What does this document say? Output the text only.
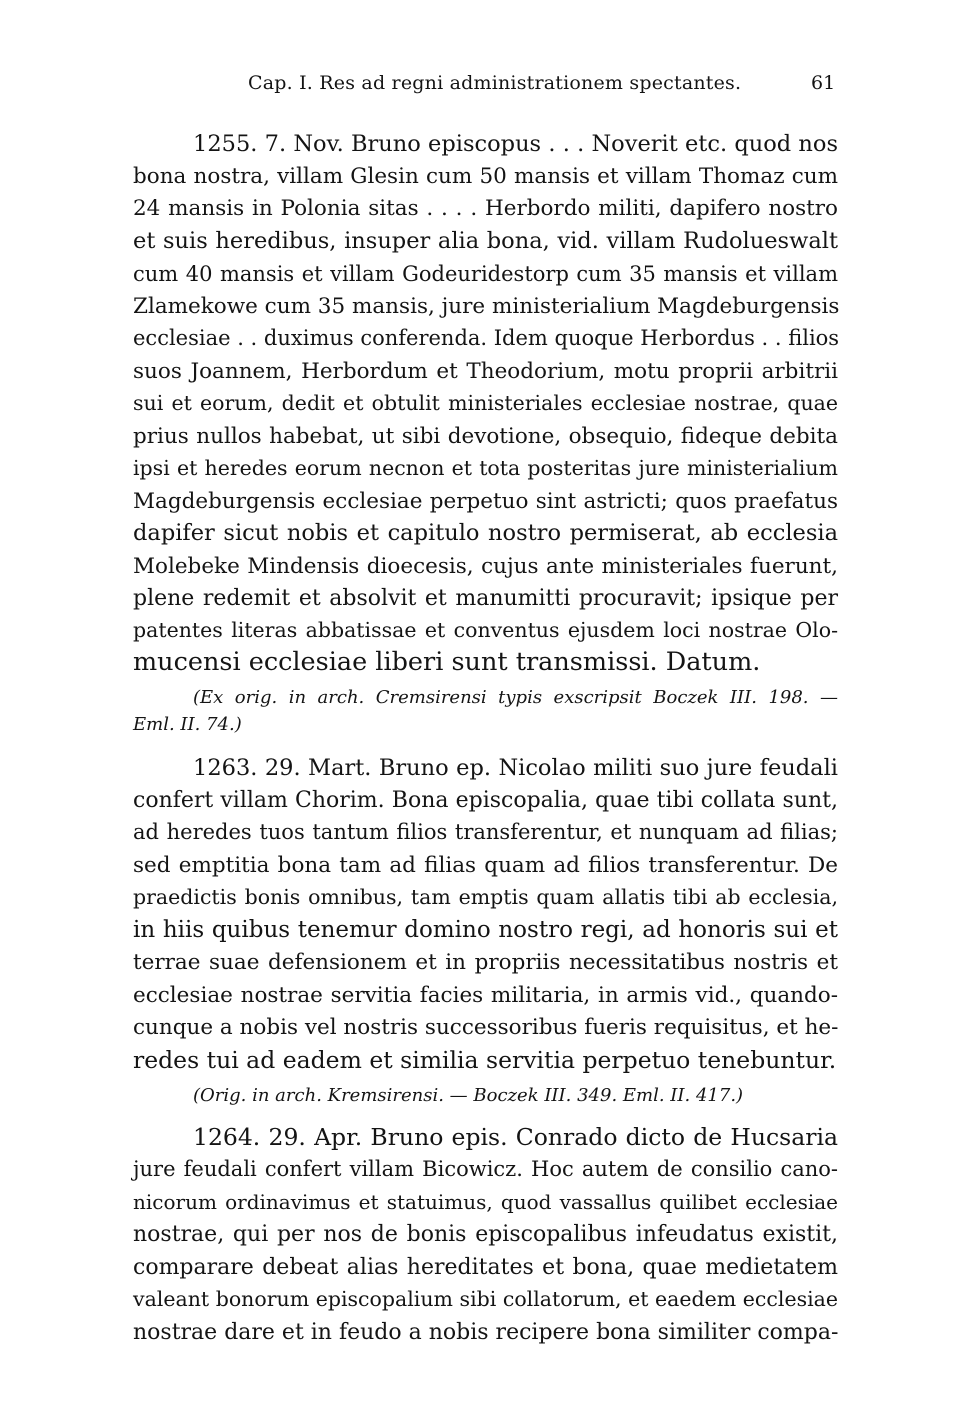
Cap. I. Res ad regni administrationem spectantes.	61
1255. 7. Nov. Bruno episcopus . . . Noverit etc. quod nos
bona nostra, villam Glesin cum 50 mansis et villam Thomaz cum
24 mansis in Polonia sitas . . . . Herbordo militi, dapifero nostro
et suis heredibus, insuper alia bona, vid. villam Rudolueswalt
cum 40 mansis et villam Godeuridestorp cum 35 mansis et villam
Zlamekowe cum 35 mansis, jure ministerialium Magdeburgensis
ecclesiae . . duximus conferenda. Idem quoque Herbordus . . filios
suos Joannem, Herbordum et Theodorium, motu proprii arbitrii
sui et eorum, dedit et obtulit ministeriales ecclesiae nostrae, quae
prius nullos habebat, ut sibi devotione, obsequio, fideque debita
ipsi et heredes eorum necnon et tota posteritas jure ministerialium
Magdeburgensis ecclesiae perpetuo sint astricti; quos praefatus
dapifer sicut nobis et capitulo nostro permiserat, ab ecclesia
Molebeke Mindensis dioecesis, cujus ante ministeriales fuerunt,
plene redemit et absolvit et manumitti procuravit; ipsique per
patentes literas abbatissae et conventus ejusdem loci nostrae Olo-
mucensi ecclesiae liberi sunt transmissi. Datum.
(Ex orig. in arch. Cremsirensi typis exscripsit Boczek III. 198. —
Eml. II. 74.)
1263. 29. Mart. Bruno ep. Nicolao militi suo jure feudali
confert villam Chorim. Bona episcopalia, quae tibi collata sunt,
ad heredes tuos tantum filios transferentur, et nunquam ad filias;
sed emptitia bona tam ad filias quam ad filios transferentur. De
praedictis bonis omnibus, tam emptis quam allatis tibi ab ecclesia,
in hiis quibus tenemur domino nostro regi, ad honoris sui et
terrae suae defensionem et in propriis necessitatibus nostris et
ecclesiae nostrae servitia facies militaria, in armis vid., quando-
cunque a nobis vel nostris successoribus fueris requisitus, et he-
redes tui ad eadem et similia servitia perpetuo tenebuntur.
(Orig. in arch. Kremsirensi. — Boczek III. 349. Eml. II. 417.)
1264. 29. Apr. Bruno epis. Conrado dicto de Hucsaria
jure feudali confert villam Bicowicz. Hoc autem de consilio cano-
nicorum ordinavimus et statuimus, quod vassallus quilibet ecclesiae
nostrae, qui per nos de bonis episcopalibus infeudatus existit,
comparare debeat alias hereditates et bona, quae medietatem
valeant bonorum episcopalium sibi collatorum, et eaedem ecclesiae
nostrae dare et in feudo a nobis recipere bona similiter compa-
